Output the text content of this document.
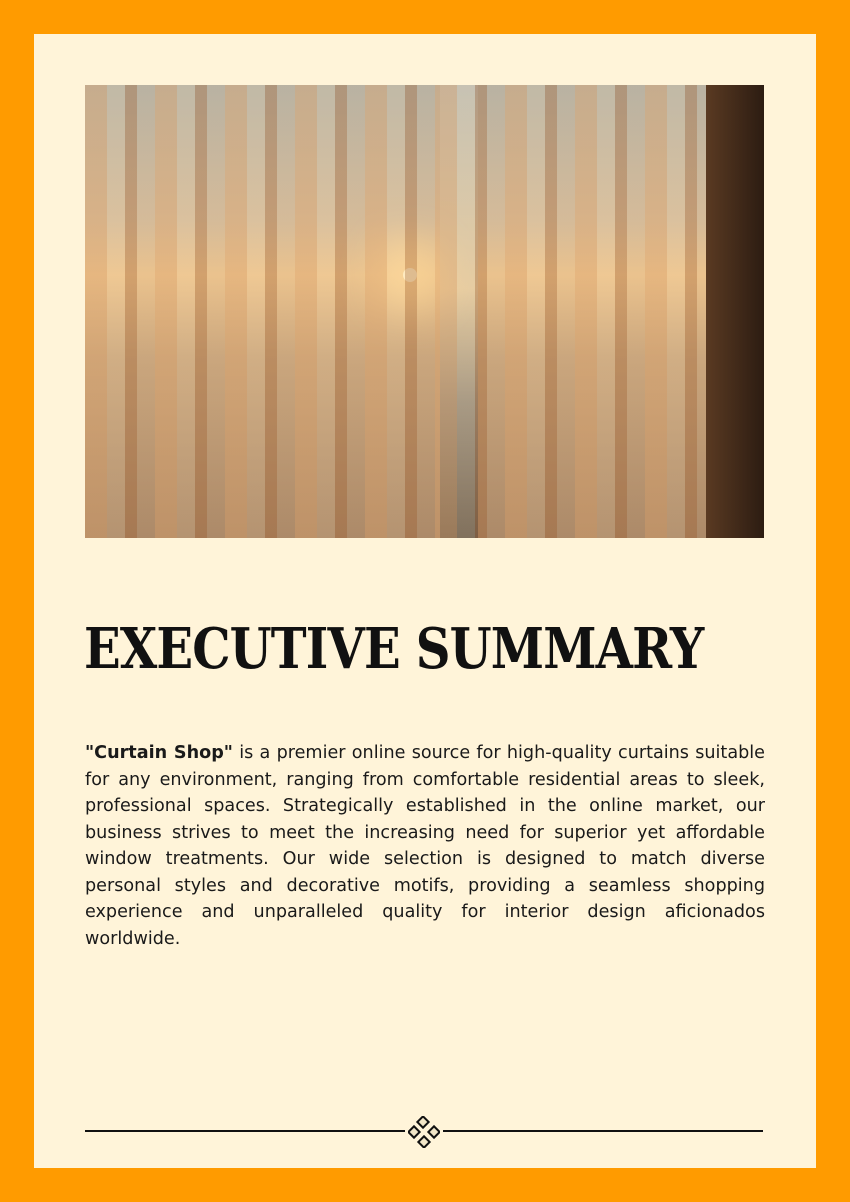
EXECUTIVE SUMMARY

"Curtain Shop" is a premier online source for high-quality curtains suitable for any environment, ranging from comfortable residential areas to sleek, professional spaces. Strategically established in the online market, our business strives to meet the increasing need for superior yet affordable window treatments. Our wide selection is designed to match diverse personal styles and decorative motifs, providing a seamless shopping experience and unparalleled quality for interior design aficionados worldwide.
